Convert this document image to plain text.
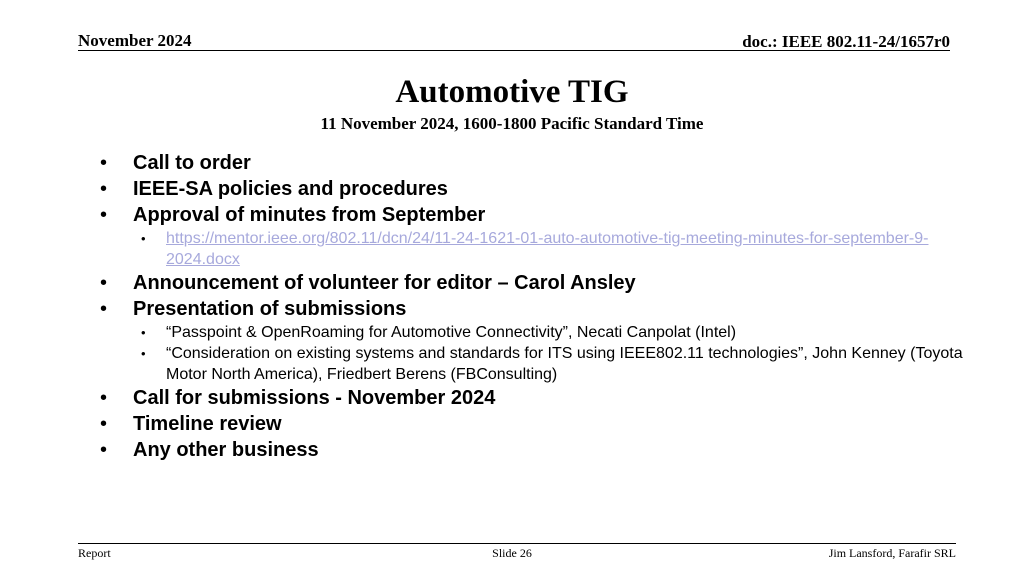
November 2024	doc.: IEEE 802.11-24/1657r0
Automotive TIG
11 November 2024, 1600-1800 Pacific Standard Time
• Call to order
• IEEE-SA policies and procedures
• Approval of minutes from September
• https://mentor.ieee.org/802.11/dcn/24/11-24-1621-01-auto-automotive-tig-meeting-minutes-for-september-9-2024.docx
• Announcement of volunteer for editor – Carol Ansley
• Presentation of submissions
• “Passpoint & OpenRoaming for Automotive Connectivity”, Necati Canpolat (Intel)
• “Consideration on existing systems and standards for ITS using IEEE802.11 technologies”, John Kenney (Toyota Motor North America), Friedbert Berens (FBConsulting)
• Call for submissions - November 2024
• Timeline review
• Any other business
Report	Slide 26	Jim Lansford, Farafir SRL
